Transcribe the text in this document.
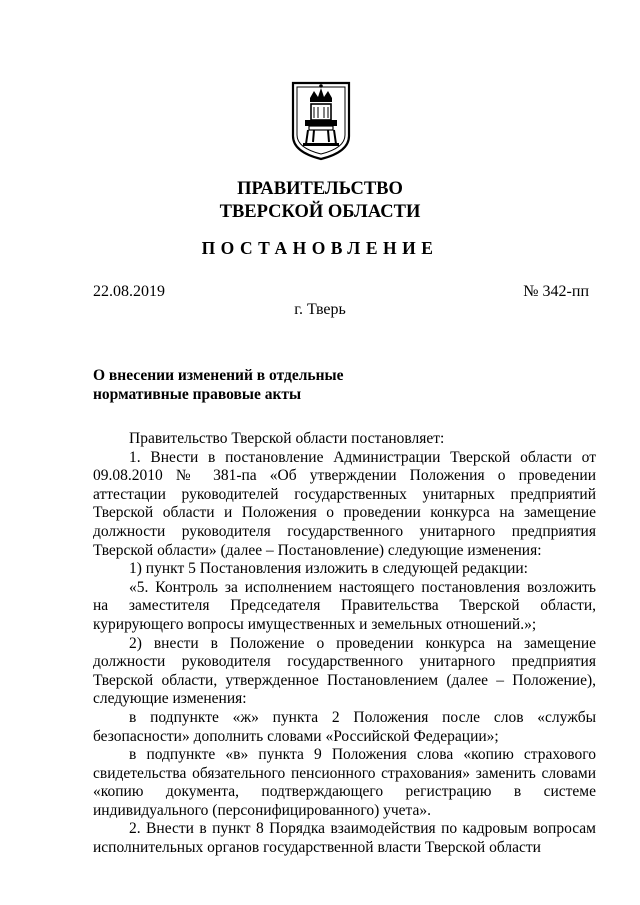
ПРАВИТЕЛЬСТВО
ТВЕРСКОЙ ОБЛАСТИ
ПОСТАНОВЛЕНИЕ
22.08.2019	№ 342-пп
г. Тверь
О внесении изменений в отдельные
нормативные правовые акты

Правительство Тверской области постановляет:

1. Внести в постановление Администрации Тверской области от 09.08.2010 № 381-па «Об утверждении Положения о проведении аттестации руководителей государственных унитарных предприятий Тверской области и Положения о проведении конкурса на замещение должности руководителя государственного унитарного предприятия Тверской области» (далее – Постановление) следующие изменения:

1) пункт 5 Постановления изложить в следующей редакции:

«5. Контроль за исполнением настоящего постановления возложить на заместителя Председателя Правительства Тверской области, курирующего вопросы имущественных и земельных отношений.»;

2) внести в Положение о проведении конкурса на замещение должности руководителя государственного унитарного предприятия Тверской области, утвержденное Постановлением (далее – Положение), следующие изменения:

в подпункте «ж» пункта 2 Положения после слов «службы безопасности» дополнить словами «Российской Федерации»;

в подпункте «в» пункта 9 Положения слова «копию страхового свидетельства обязательного пенсионного страхования» заменить словами «копию документа, подтверждающего регистрацию в системе индивидуального (персонифицированного) учета».

2. Внести в пункт 8 Порядка взаимодействия по кадровым вопросам исполнительных органов государственной власти Тверской области
